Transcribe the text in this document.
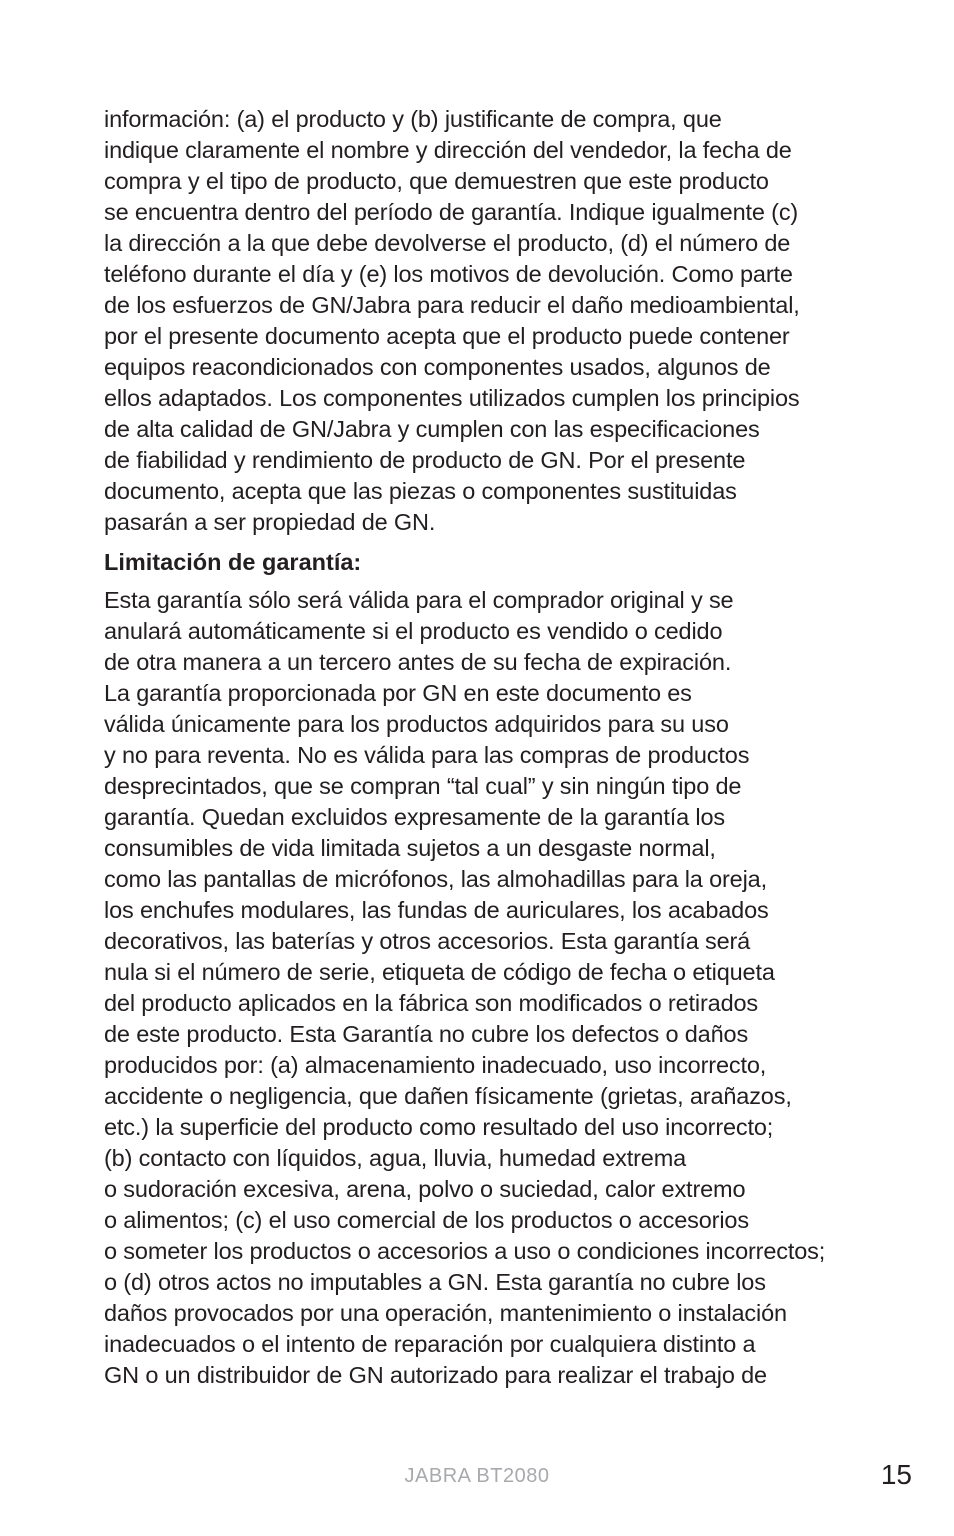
información: (a) el producto y (b) justificante de compra, que
indique claramente el nombre y dirección del vendedor, la fecha de
compra y el tipo de producto, que demuestren que este producto
se encuentra dentro del período de garantía. Indique igualmente (c)
la dirección a la que debe devolverse el producto, (d) el número de
teléfono durante el día y (e) los motivos de devolución. Como parte
de los esfuerzos de GN/Jabra para reducir el daño medioambiental,
por el presente documento acepta que el producto puede contener
equipos reacondicionados con componentes usados, algunos de
ellos adaptados. Los componentes utilizados cumplen los principios
de alta calidad de GN/Jabra y cumplen con las especificaciones
de fiabilidad y rendimiento de producto de GN. Por el presente
documento, acepta que las piezas o componentes sustituidas
pasarán a ser propiedad de GN.
Limitación de garantía:
Esta garantía sólo será válida para el comprador original y se
anulará automáticamente si el producto es vendido o cedido
de otra manera a un tercero antes de su fecha de expiración.
La garantía proporcionada por GN en este documento es
válida únicamente para los productos adquiridos para su uso
y no para reventa. No es válida para las compras de productos
desprecintados, que se compran “tal cual” y sin ningún tipo de
garantía. Quedan excluidos expresamente de la garantía los
consumibles de vida limitada sujetos a un desgaste normal,
como las pantallas de micrófonos, las almohadillas para la oreja,
los enchufes modulares, las fundas de auriculares, los acabados
decorativos, las baterías y otros accesorios. Esta garantía será
nula si el número de serie, etiqueta de código de fecha o etiqueta
del producto aplicados en la fábrica son modificados o retirados
de este producto. Esta Garantía no cubre los defectos o daños
producidos por: (a) almacenamiento inadecuado, uso incorrecto,
accidente o negligencia, que dañen físicamente (grietas, arañazos,
etc.) la superficie del producto como resultado del uso incorrecto;
(b) contacto con líquidos, agua, lluvia, humedad extrema
o sudoración excesiva, arena, polvo o suciedad, calor extremo
o alimentos; (c) el uso comercial de los productos o accesorios
o someter los productos o accesorios a uso o condiciones incorrectos;
o (d) otros actos no imputables a GN. Esta garantía no cubre los
daños provocados por una operación, mantenimiento o instalación
inadecuados o el intento de reparación por cualquiera distinto a
GN o un distribuidor de GN autorizado para realizar el trabajo de
JABRA BT2080	15
